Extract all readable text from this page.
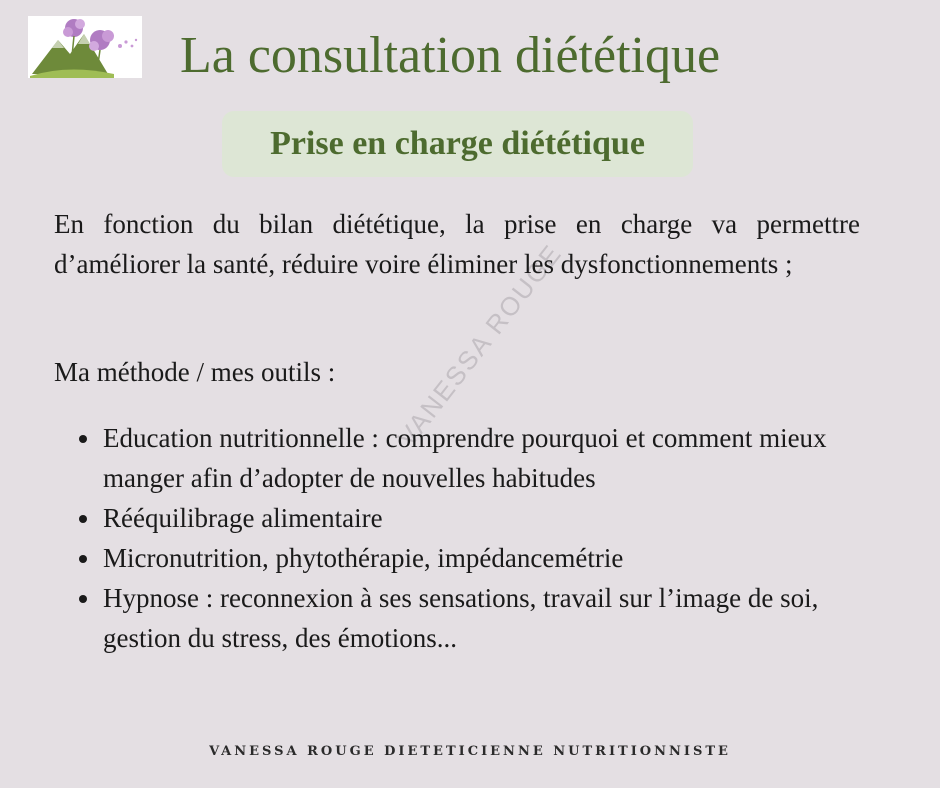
La consultation diététique
Prise en charge diététique
VANESSA ROUGE

En fonction du bilan diététique, la prise en charge va permettre d’améliorer la santé, réduire voire éliminer les dysfonctionnements ;

Ma méthode / mes outils :

Education nutritionnelle : comprendre pourquoi et comment mieux manger afin d’adopter de nouvelles habitudes
Rééquilibrage alimentaire
Micronutrition, phytothérapie, impédancemétrie
Hypnose : reconnexion à ses sensations, travail sur l’image de soi, gestion du stress, des émotions...
VANESSA ROUGE DIETETICIENNE NUTRITIONNISTE
